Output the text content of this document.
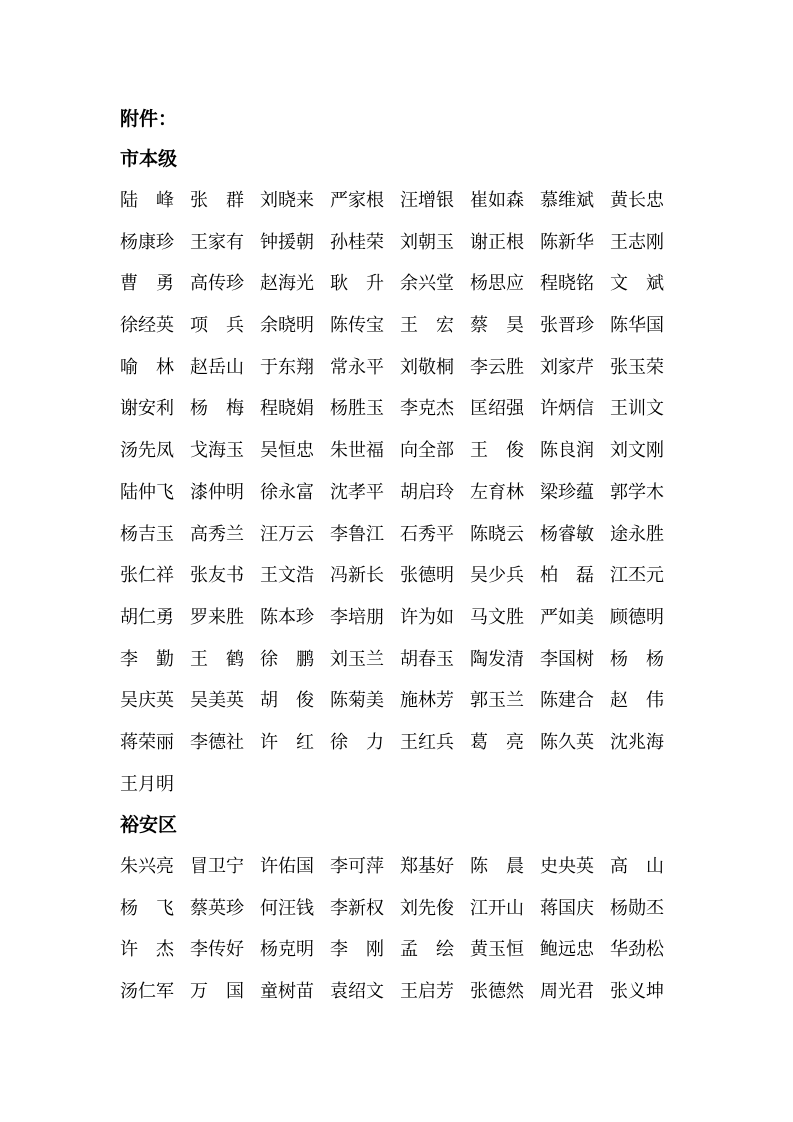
附件：
市本级
陆　峰 张　群 刘晓来 严家根 汪增银 崔如森 慕维斌 黄长忠
杨康珍 王家有 钟援朝 孙桂荣 刘朝玉 谢正根 陈新华 王志刚
曹　勇 高传珍 赵海光 耿　升 余兴堂 杨思应 程晓铭 文　斌
徐经英 项　兵 余晓明 陈传宝 王　宏 蔡　昊 张晋珍 陈华国
喻　林 赵岳山 于东翔 常永平 刘敬桐 李云胜 刘家芹 张玉荣
谢安利 杨　梅 程晓娟 杨胜玉 李克杰 匡绍强 许炳信 王训文
汤先凤 戈海玉 吴恒忠 朱世福 向全部 王　俊 陈良润 刘文刚
陆仲飞 漆仲明 徐永富 沈孝平 胡启玲 左育林 梁珍蕴 郭学木
杨吉玉 高秀兰 汪万云 李鲁江 石秀平 陈晓云 杨睿敏 途永胜
张仁祥 张友书 王文浩 冯新长 张德明 吴少兵 柏　磊 江丕元
胡仁勇 罗来胜 陈本珍 李培朋 许为如 马文胜 严如美 顾德明
李　勤 王　鹤 徐　鹏 刘玉兰 胡春玉 陶发清 李国树 杨　杨
吴庆英 吴美英 胡　俊 陈菊美 施林芳 郭玉兰 陈建合 赵　伟
蒋荣丽 李德社 许　红 徐　力 王红兵 葛　亮 陈久英 沈兆海
王月明
裕安区
朱兴亮 冒卫宁 许佑国 李可萍 郑基好 陈　晨 史央英 高　山
杨　飞 蔡英珍 何汪钱 李新权 刘先俊 江开山 蒋国庆 杨勋丕
许　杰 李传好 杨克明 李　刚 孟　绘 黄玉恒 鲍远忠 华劲松
汤仁军 万　国 童树苗 袁绍文 王启芳 张德然 周光君 张义坤
